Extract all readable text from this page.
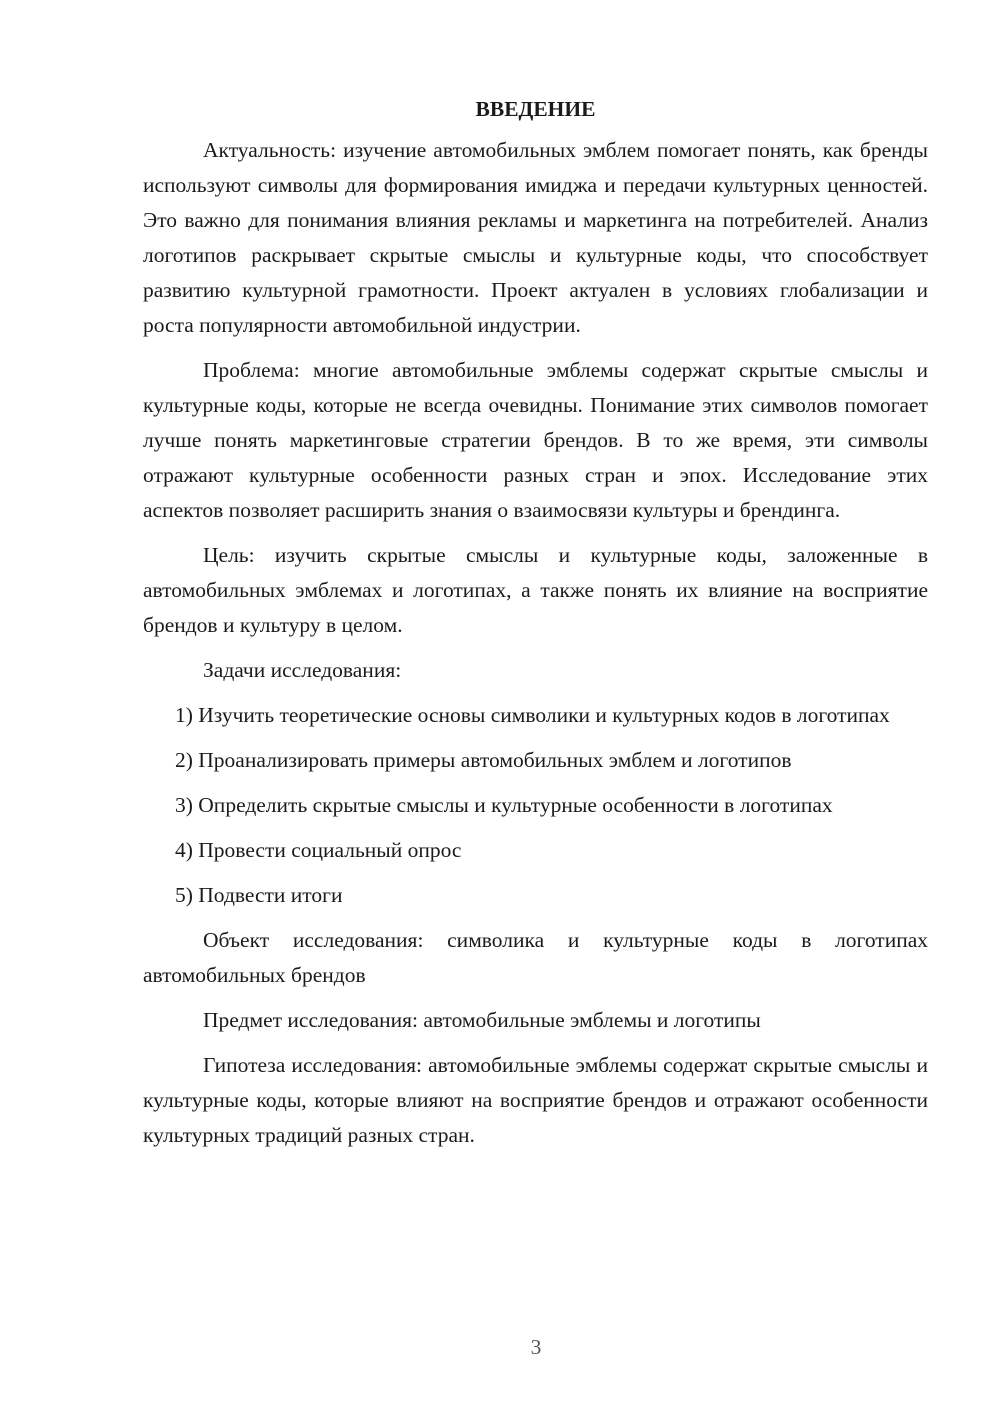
ВВЕДЕНИЕ

Актуальность: изучение автомобильных эмблем помогает понять, как бренды используют символы для формирования имиджа и передачи культурных ценностей. Это важно для понимания влияния рекламы и маркетинга на потребителей. Анализ логотипов раскрывает скрытые смыслы и культурные коды, что способствует развитию культурной грамотности. Проект актуален в условиях глобализации и роста популярности автомобильной индустрии.

Проблема: многие автомобильные эмблемы содержат скрытые смыслы и культурные коды, которые не всегда очевидны. Понимание этих символов помогает лучше понять маркетинговые стратегии брендов. В то же время, эти символы отражают культурные особенности разных стран и эпох. Исследование этих аспектов позволяет расширить знания о взаимосвязи культуры и брендинга.

Цель: изучить скрытые смыслы и культурные коды, заложенные в автомобильных эмблемах и логотипах, а также понять их влияние на восприятие брендов и культуру в целом.

Задачи исследования:

1) Изучить теоретические основы символики и культурных кодов в логотипах

2) Проанализировать примеры автомобильных эмблем и логотипов

3) Определить скрытые смыслы и культурные особенности в логотипах

4) Провести социальный опрос

5) Подвести итоги

Объект исследования: символика и культурные коды в логотипах автомобильных брендов

Предмет исследования: автомобильные эмблемы и логотипы

Гипотеза исследования: автомобильные эмблемы содержат скрытые смыслы и культурные коды, которые влияют на восприятие брендов и отражают особенности культурных традиций разных стран.

3
